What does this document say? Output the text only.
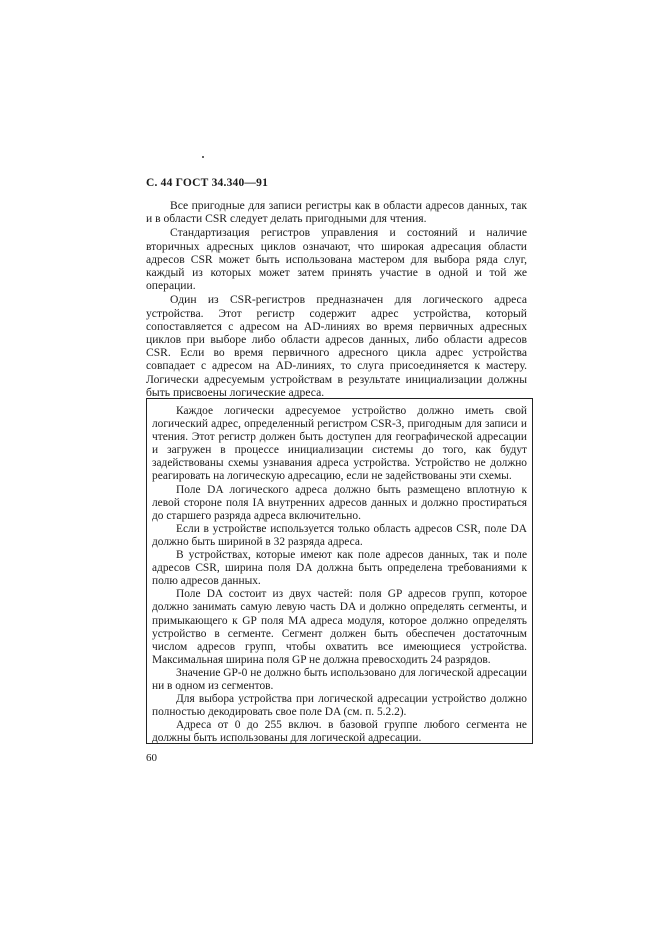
С. 44 ГОСТ 34.340—91

Все пригодные для записи регистры как в области адресов данных, так и в области CSR следует делать пригодными для чтения.

Стандартизация регистров управления и состояний и наличие вторичных адресных циклов означают, что широкая адресация области адресов CSR может быть использована мастером для выбора ряда слуг, каждый из которых может затем принять участие в одной и той же операции.

Один из CSR-регистров предназначен для логического адреса устройства. Этот регистр содержит адрес устройства, который сопоставляется с адресом на AD-линиях во время первичных адресных циклов при выборе либо области адресов данных, либо области адресов CSR. Если во время первичного адресного цикла адрес устройства совпадает с адресом на AD-линиях, то слуга присоединяется к мастеру. Логически адресуемым устройствам в результате инициализации должны быть присвоены логические адреса.

Каждое логически адресуемое устройство должно иметь свой логический адрес, определенный регистром CSR-3, пригодным для записи и чтения. Этот регистр должен быть доступен для географической адресации и загружен в процессе инициализации системы до того, как будут задействованы схемы узнавания адреса устройства. Устройство не должно реагировать на логическую адресацию, если не задействованы эти схемы.

Поле DA логического адреса должно быть размещено вплотную к левой стороне поля IA внутренних адресов данных и должно простираться до старшего разряда адреса включительно.

Если в устройстве используется только область адресов CSR, поле DA должно быть шириной в 32 разряда адреса.

В устройствах, которые имеют как поле адресов данных, так и поле адресов CSR, ширина поля DA должна быть определена требованиями к полю адресов данных.

Поле DA состоит из двух частей: поля GP адресов групп, которое должно занимать самую левую часть DA и должно определять сегменты, и примыкающего к GP поля MA адреса модуля, которое должно определять устройство в сегменте. Сегмент должен быть обеспечен достаточным числом адресов групп, чтобы охватить все имеющиеся устройства. Максимальная ширина поля GP не должна превосходить 24 разрядов.

Значение GP-0 не должно быть использовано для логической адресации ни в одном из сегментов.

Для выбора устройства при логической адресации устройство должно полностью декодировать свое поле DA (см. п. 5.2.2).

Адреса от 0 до 255 включ. в базовой группе любого сегмента не должны быть использованы для логической адресации.

60
